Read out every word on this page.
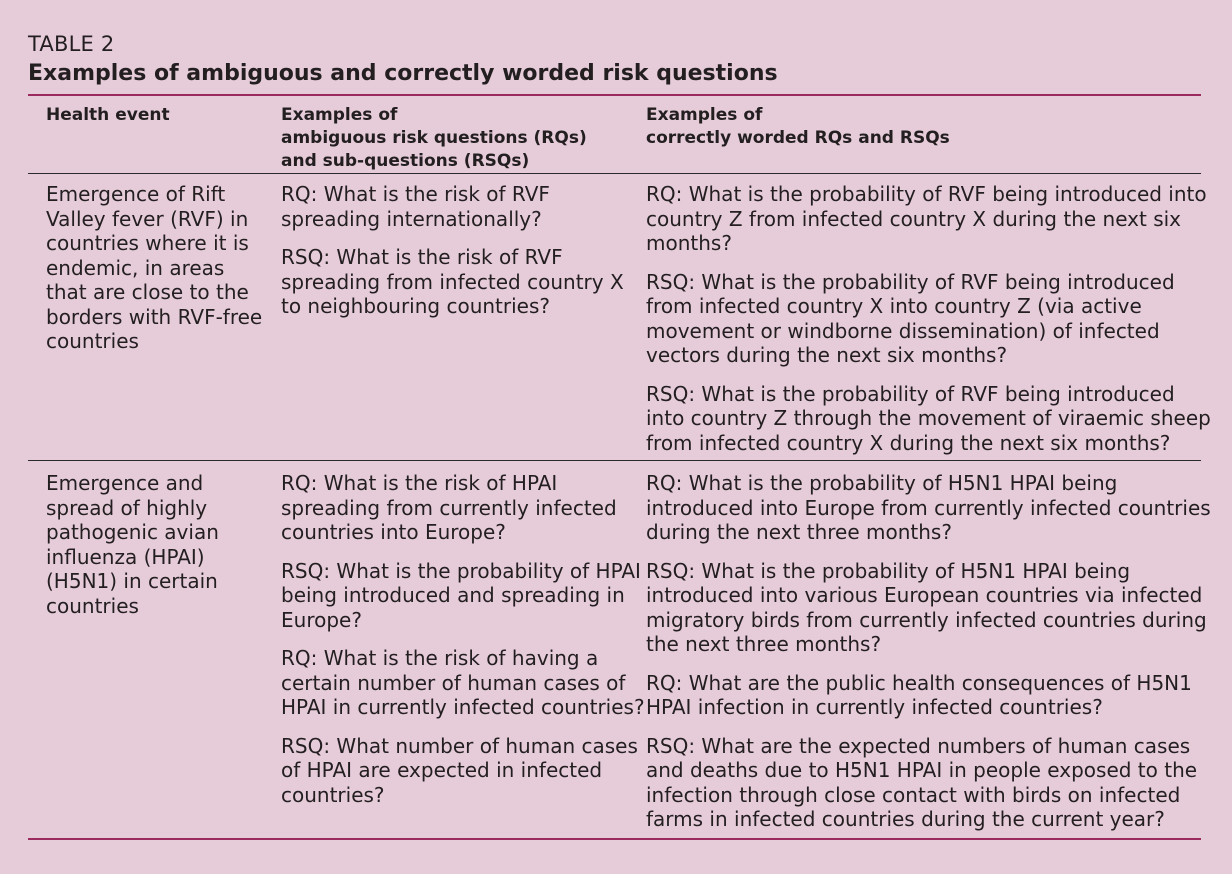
TABLE 2
Examples of ambiguous and correctly worded risk questions
Health event	Examples of
ambiguous risk questions (RQs)
and sub-questions (RSQs)
Examples of
correctly worded RQs and RSQs

Emergence of Rift Valley fever (RVF) in countries where it is endemic, in areas that are close to the borders with RVF-free countries

RQ: What is the risk of RVF spreading internationally?

RSQ: What is the risk of RVF spreading from infected country X to neighbouring countries?

RQ: What is the probability of RVF being introduced into country Z from infected country X during the next six months?

RSQ: What is the probability of RVF being introduced from infected country X into country Z (via active movement or windborne dissemination) of infected vectors during the next six months?

RSQ: What is the probability of RVF being introduced into country Z through the movement of viraemic sheep from infected country X during the next six months?

Emergence and spread of highly pathogenic avian influenza (HPAI) (H5N1) in certain countries

RQ: What is the risk of HPAI spreading from currently infected countries into Europe?

RSQ: What is the probability of HPAI being introduced and spreading in Europe?

RQ: What is the risk of having a certain number of human cases of HPAI in currently infected countries?

RSQ: What number of human cases of HPAI are expected in infected countries?

RQ: What is the probability of H5N1 HPAI being introduced into Europe from currently infected countries during the next three months?

RSQ: What is the probability of H5N1 HPAI being introduced into various European countries via infected migratory birds from currently infected countries during the next three months?

RQ: What are the public health consequences of H5N1 HPAI infection in currently infected countries?

RSQ: What are the expected numbers of human cases and deaths due to H5N1 HPAI in people exposed to the infection through close contact with birds on infected farms in infected countries during the current year?
